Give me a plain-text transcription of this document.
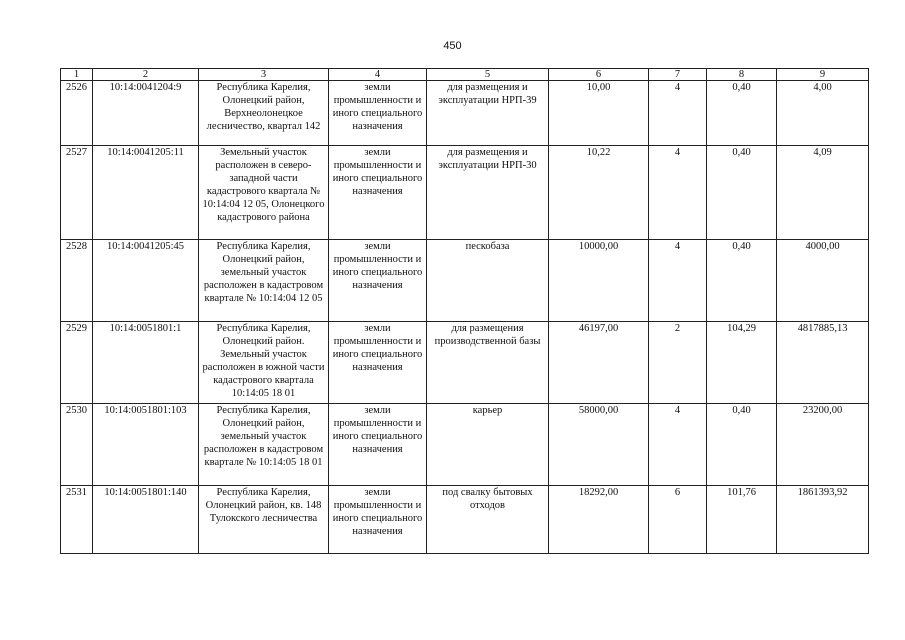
450
1	2	3	4	5	6	7	8	9
2526	10:14:0041204:9	Республика Карелия, Олонецкий район, Верхнеолонецкое лесничество, квартал 142	земли промышленности и иного специального назначения	для размещения и эксплуатации НРП-39	10,00	4	0,40	4,00
2527	10:14:0041205:11	Земельный участок расположен в северо-западной части кадастрового квартала № 10:14:04 12 05, Олонецкого кадастрового района	земли промышленности и иного специального назначения	для размещения и эксплуатации НРП-30	10,22	4	0,40	4,09
2528	10:14:0041205:45	Республика Карелия, Олонецкий район, земельный участок расположен в кадастровом квартале № 10:14:04 12 05	земли промышленности и иного специального назначения	пескобаза	10000,00	4	0,40	4000,00
2529	10:14:0051801:1	Республика Карелия, Олонецкий район. Земельный участок расположен в южной части кадастрового квартала 10:14:05 18 01	земли промышленности и иного специального назначения	для размещения производственной базы	46197,00	2	104,29	4817885,13
2530	10:14:0051801:103	Республика Карелия, Олонецкий район, земельный участок расположен в кадастровом квартале № 10:14:05 18 01	земли промышленности и иного специального назначения	карьер	58000,00	4	0,40	23200,00
2531	10:14:0051801:140	Республика Карелия, Олонецкий район, кв. 148 Тулокского лесничества	земли промышленности и иного специального назначения	под свалку бытовых отходов	18292,00	6	101,76	1861393,92
